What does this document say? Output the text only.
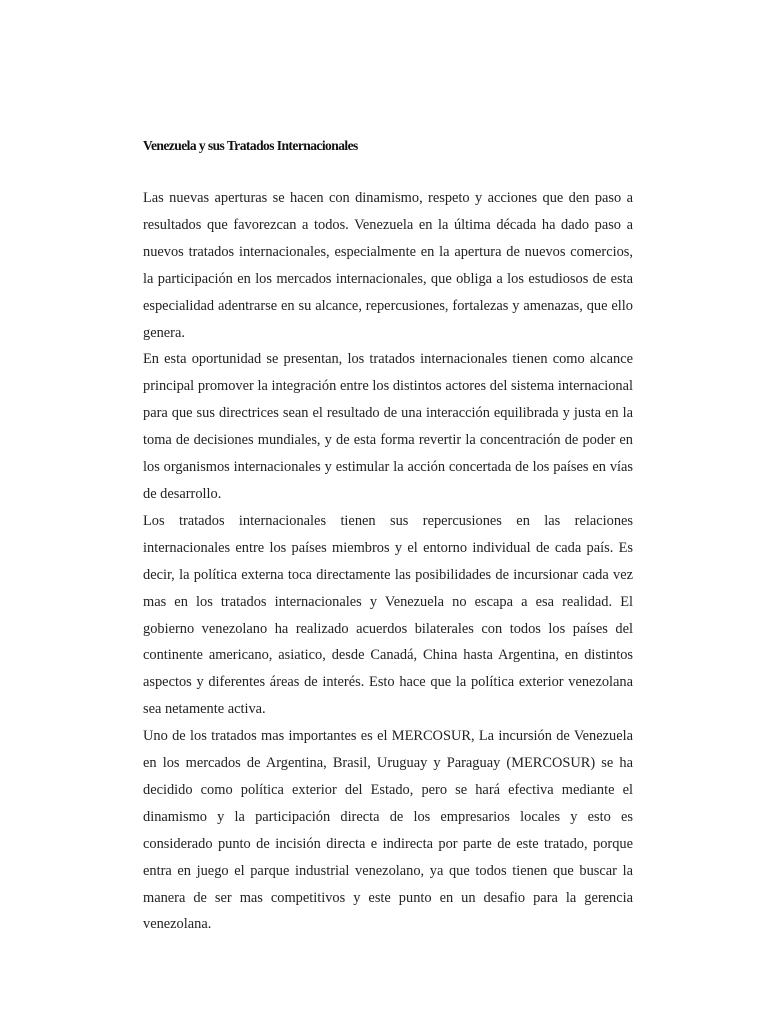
Venezuela y sus Tratados Internacionales

Las nuevas aperturas se hacen con dinamismo, respeto y acciones que den paso a resultados que favorezcan a todos. Venezuela en la última década ha dado paso a nuevos tratados internacionales, especialmente en la apertura de nuevos comercios, la participación en los mercados internacionales, que obliga a los estudiosos de esta especialidad adentrarse en su alcance, repercusiones, fortalezas y amenazas, que ello genera.

En esta oportunidad se presentan, los tratados internacionales tienen como alcance principal promover la integración entre los distintos actores del sistema internacional para que sus directrices sean el resultado de una interacción equilibrada y justa en la toma de decisiones mundiales, y de esta forma revertir la concentración de poder en los organismos internacionales y estimular la acción concertada de los países en vías de desarrollo.

Los tratados internacionales tienen sus repercusiones en las relaciones internacionales entre los países miembros y el entorno individual de cada país. Es decir, la política externa toca directamente las posibilidades de incursionar cada vez mas en los tratados internacionales y Venezuela no escapa a esa realidad. El gobierno venezolano ha realizado acuerdos bilaterales con todos los países del continente americano, asiatico, desde Canadá, China hasta Argentina, en distintos aspectos y diferentes áreas de interés. Esto hace que la política exterior venezolana sea netamente activa.

Uno de los tratados mas importantes es el MERCOSUR, La incursión de Venezuela en los mercados de Argentina, Brasil, Uruguay y Paraguay (MERCOSUR) se ha decidido como política exterior del Estado, pero se hará efectiva mediante el dinamismo y la participación directa de los empresarios locales y esto es considerado punto de incisión directa e indirecta por parte de este tratado, porque entra en juego el parque industrial venezolano, ya que todos tienen que buscar la manera de ser mas competitivos y este punto en un desafio para la gerencia venezolana.
